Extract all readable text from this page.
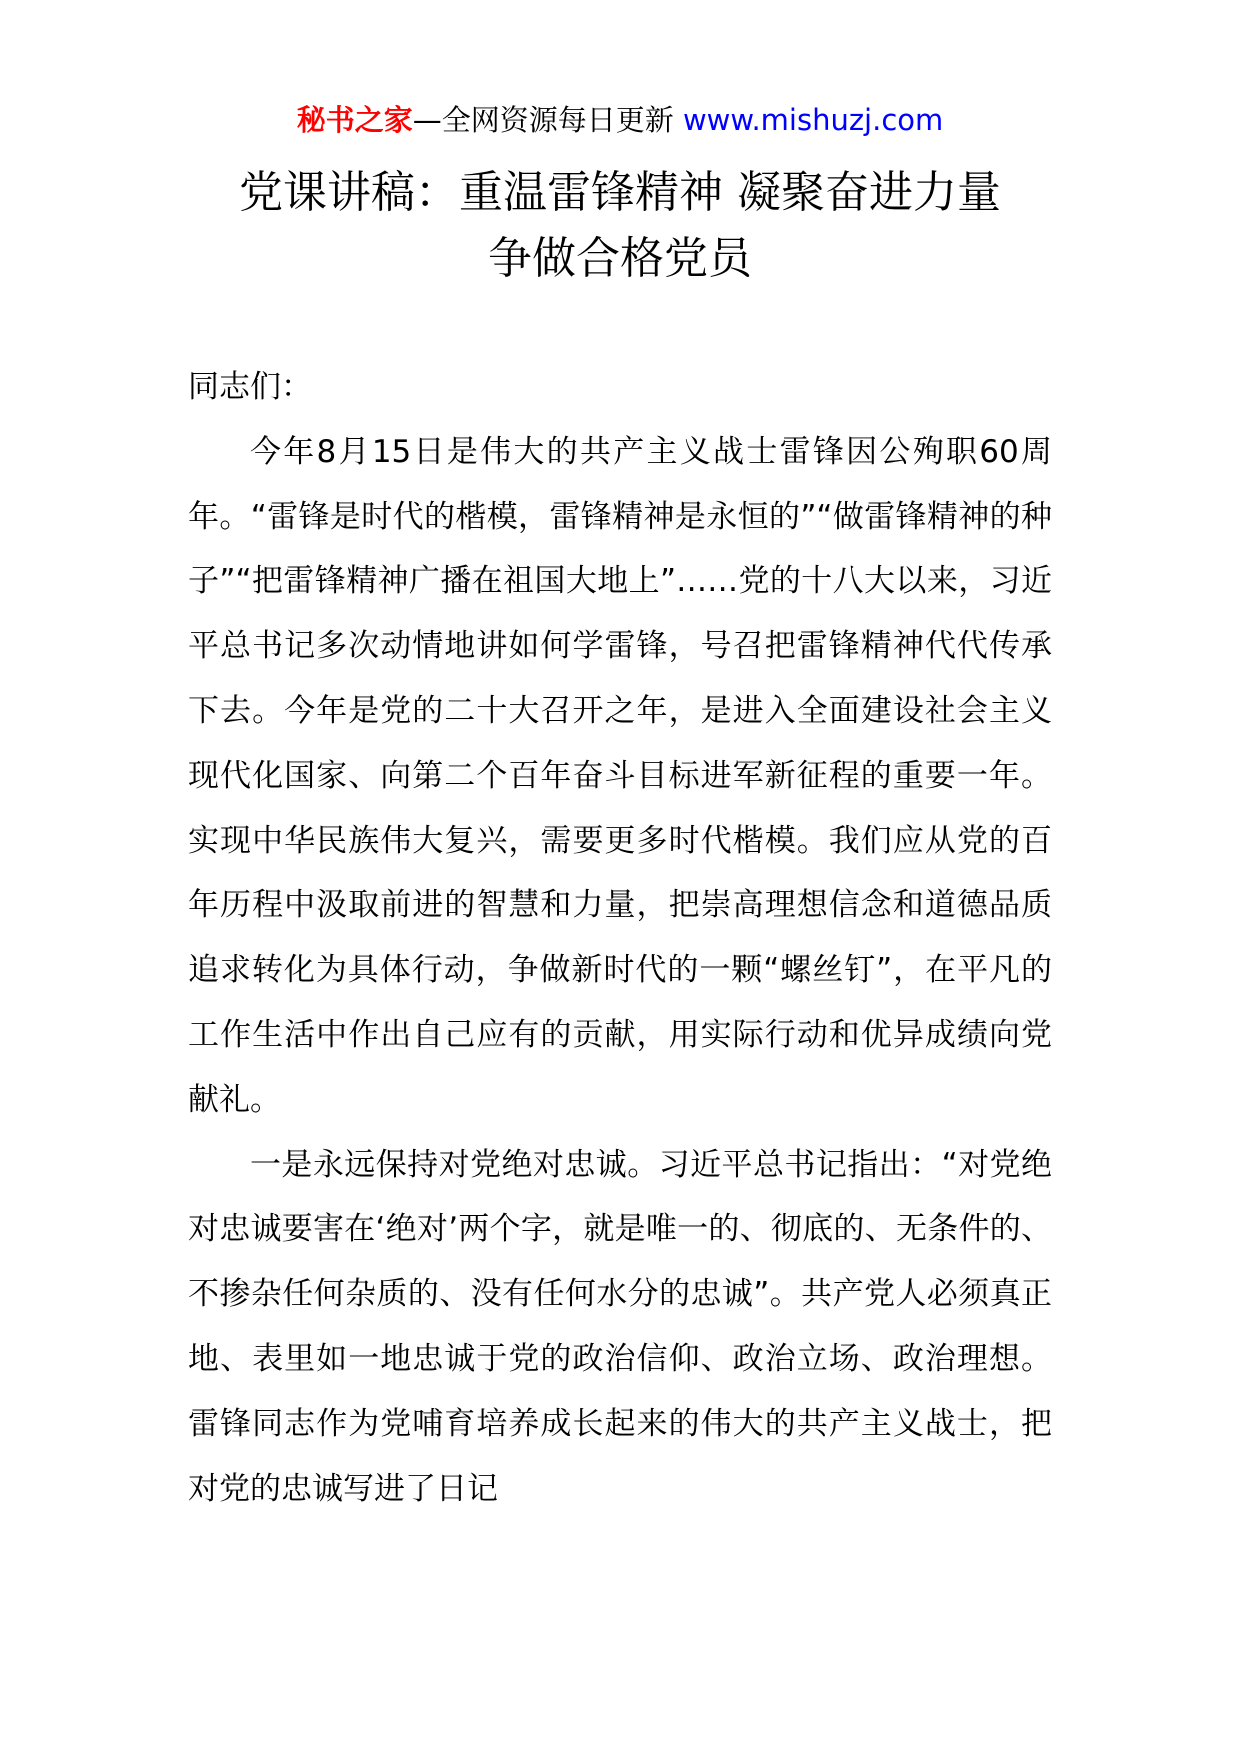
秘书之家—全网资源每日更新 www.mishuzj.com
党课讲稿：重温雷锋精神 凝聚奋进力量
争做合格党员

同志们：

今年8月15日是伟大的共产主义战士雷锋因公殉职60周年。“雷锋是时代的楷模，雷锋精神是永恒的”“做雷锋精神的种子”“把雷锋精神广播在祖国大地上”……党的十八大以来，习近平总书记多次动情地讲如何学雷锋，号召把雷锋精神代代传承下去。今年是党的二十大召开之年，是进入全面建设社会主义现代化国家、向第二个百年奋斗目标进军新征程的重要一年。实现中华民族伟大复兴，需要更多时代楷模。我们应从党的百年历程中汲取前进的智慧和力量，把崇高理想信念和道德品质追求转化为具体行动，争做新时代的一颗“螺丝钉”，在平凡的工作生活中作出自己应有的贡献，用实际行动和优异成绩向党献礼。

一是永远保持对党绝对忠诚。习近平总书记指出：“对党绝对忠诚要害在‘绝对’两个字，就是唯一的、彻底的、无条件的、不掺杂任何杂质的、没有任何水分的忠诚”。共产党人必须真正地、表里如一地忠诚于党的政治信仰、政治立场、政治理想。雷锋同志作为党哺育培养成长起来的伟大的共产主义战士，把对党的忠诚写进了日记
